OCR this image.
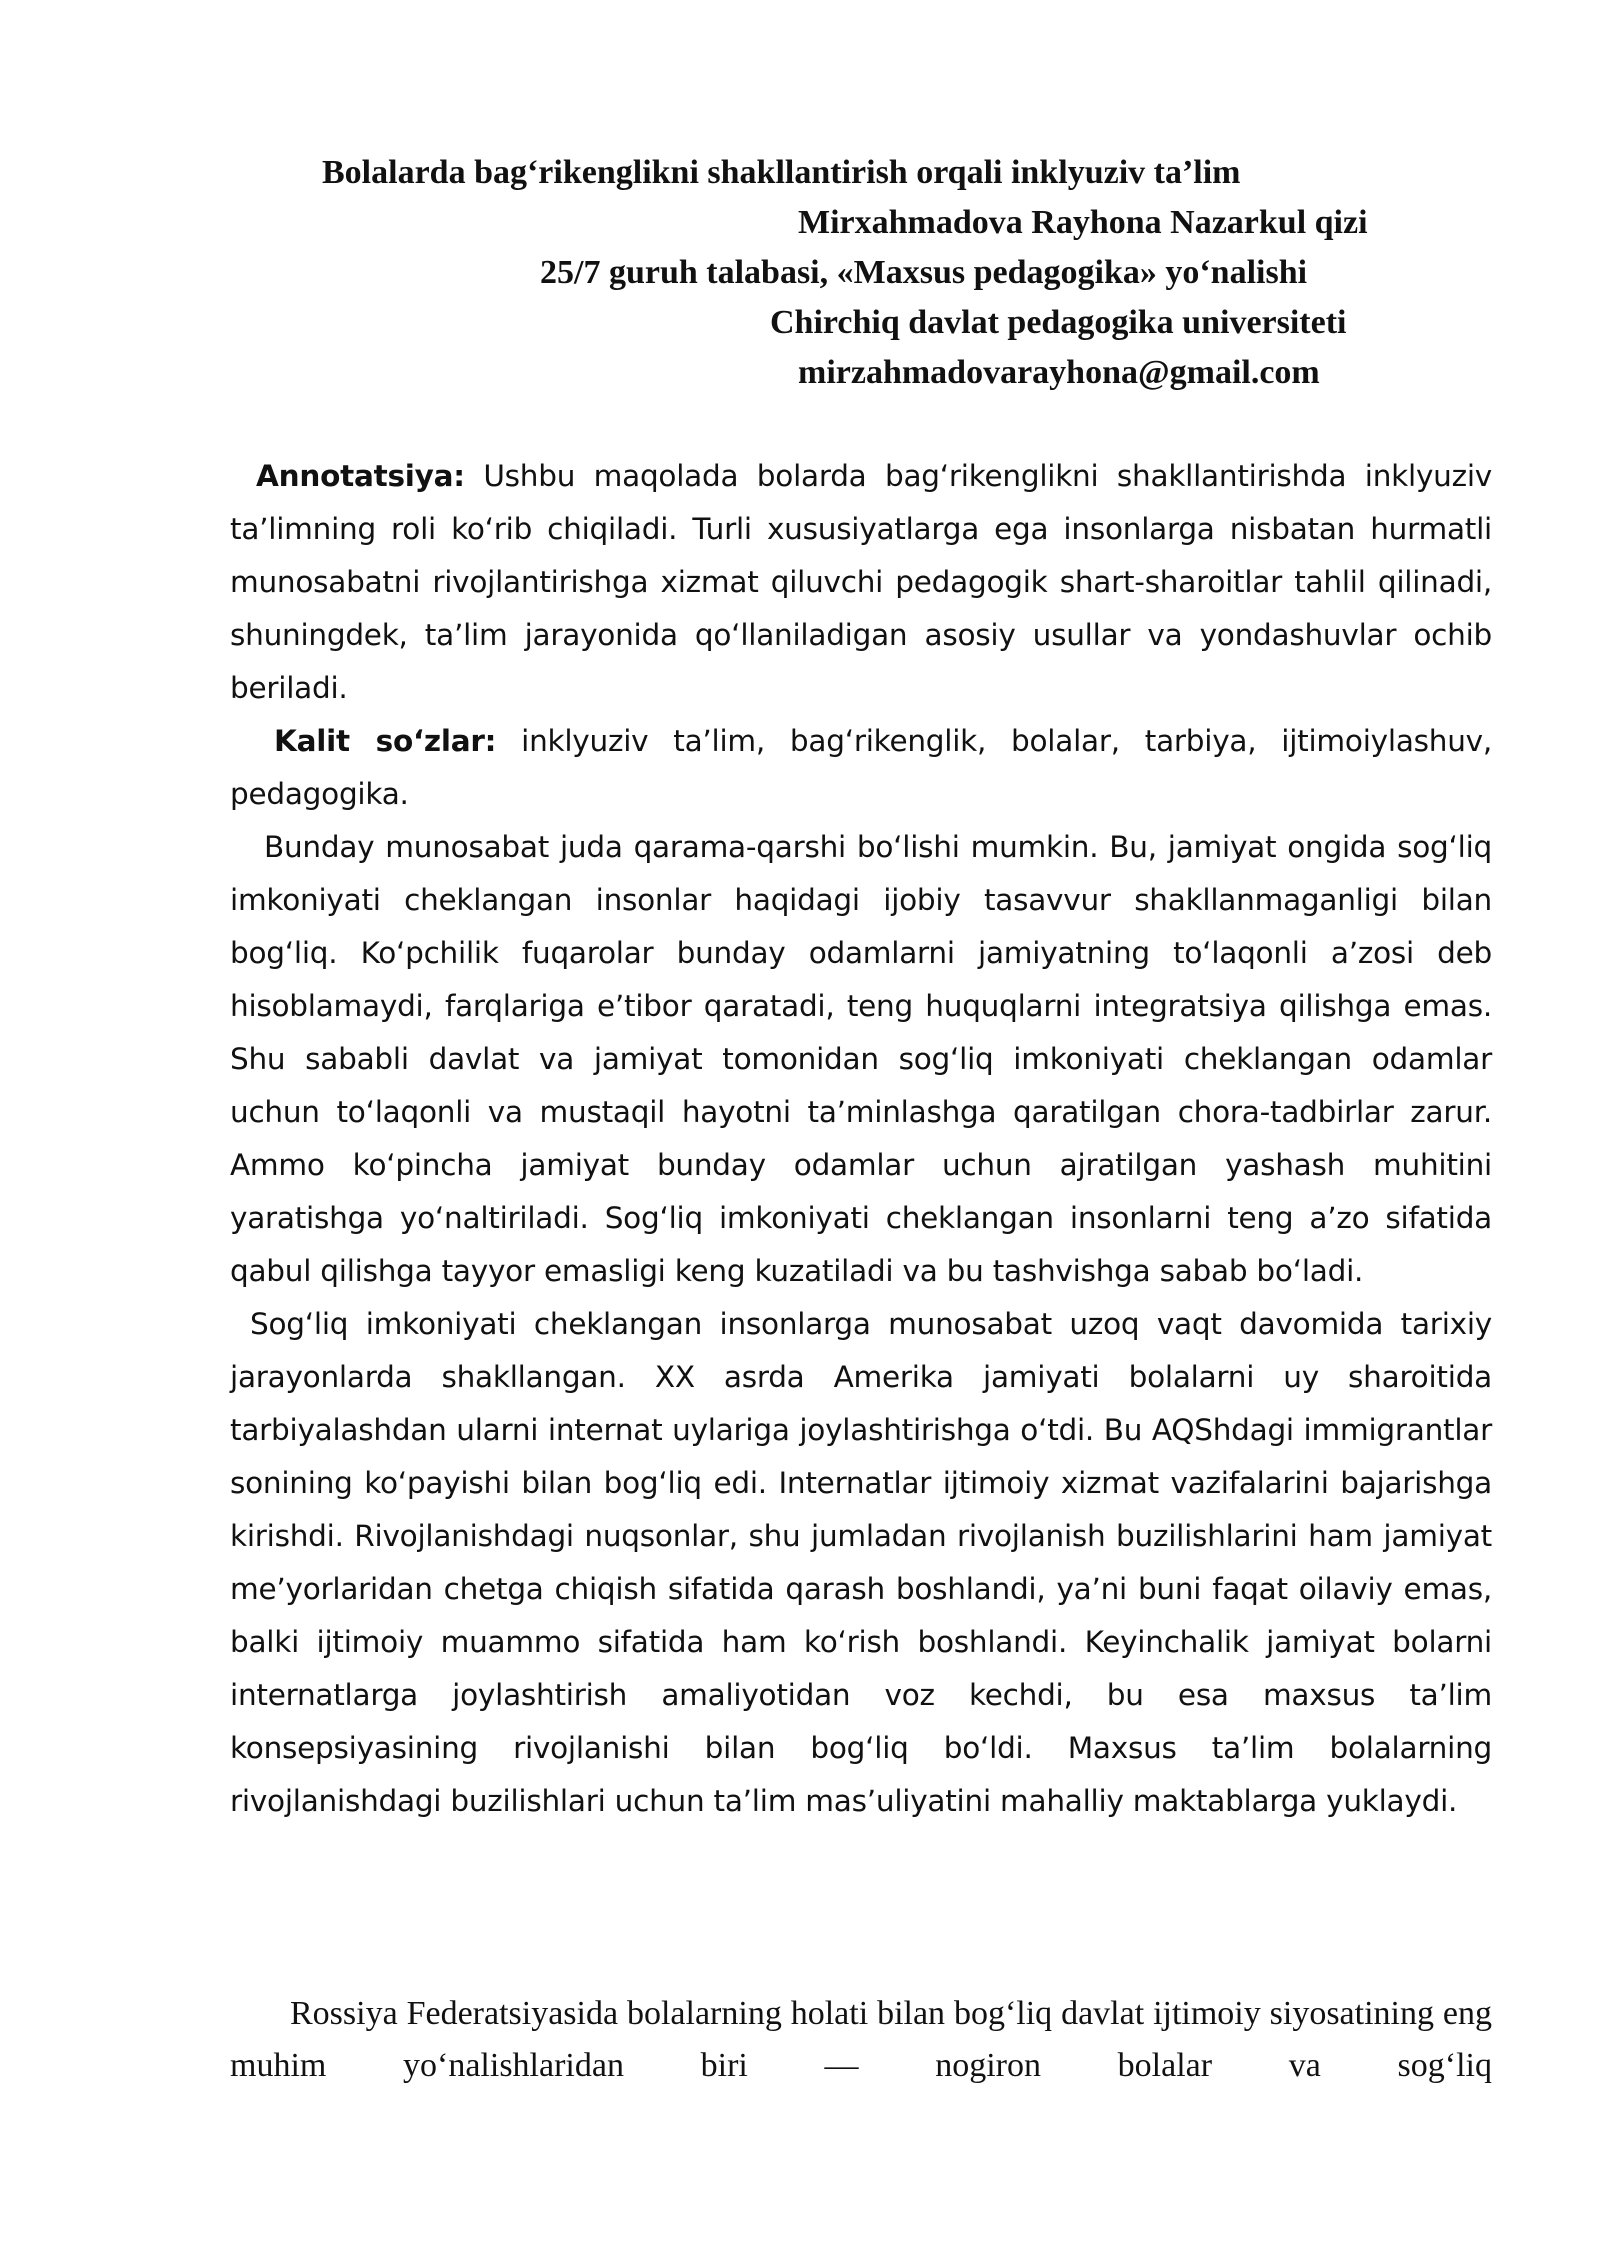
Bolalarda bag‘rikenglikni shakllantirish orqali inklyuziv ta’lim
Mirxahmadova Rayhona Nazarkul qizi
25/7 guruh talabasi, «Maxsus pedagogika» yo‘nalishi
Chirchiq davlat pedagogika universiteti
mirzahmadovarayhona@gmail.com

Annotatsiya: Ushbu maqolada bolarda bag‘rikenglikni shakllantirishda inklyuziv ta’limning roli ko‘rib chiqiladi. Turli xususiyatlarga ega insonlarga nisbatan hurmatli munosabatni rivojlantirishga xizmat qiluvchi pedagogik shart-sharoitlar tahlil qilinadi, shuningdek, ta’lim jarayonida qo‘llaniladigan asosiy usullar va yondashuvlar ochib beriladi.

Kalit so‘zlar: inklyuziv ta’lim, bag‘rikenglik, bolalar, tarbiya, ijtimoiylashuv, pedagogika.

Bunday munosabat juda qarama-qarshi bo‘lishi mumkin. Bu, jamiyat ongida sog‘liq imkoniyati cheklangan insonlar haqidagi ijobiy tasavvur shakllanmaganligi bilan bog‘liq. Ko‘pchilik fuqarolar bunday odamlarni jamiyatning to‘laqonli a’zosi deb hisoblamaydi, farqlariga e’tibor qaratadi, teng huquqlarni integratsiya qilishga emas. Shu sababli davlat va jamiyat tomonidan sog‘liq imkoniyati cheklangan odamlar uchun to‘laqonli va mustaqil hayotni ta’minlashga qaratilgan chora-tadbirlar zarur. Ammo ko‘pincha jamiyat bunday odamlar uchun ajratilgan yashash muhitini yaratishga yo‘naltiriladi. Sog‘liq imkoniyati cheklangan insonlarni teng a’zo sifatida qabul qilishga tayyor emasligi keng kuzatiladi va bu tashvishga sabab bo‘ladi.

Sog‘liq imkoniyati cheklangan insonlarga munosabat uzoq vaqt davomida tarixiy jarayonlarda shakllangan. XX asrda Amerika jamiyati bolalarni uy sharoitida tarbiyalashdan ularni internat uylariga joylashtirishga o‘tdi. Bu AQShdagi immigrantlar sonining ko‘payishi bilan bog‘liq edi. Internatlar ijtimoiy xizmat vazifalarini bajarishga kirishdi. Rivojlanishdagi nuqsonlar, shu jumladan rivojlanish buzilishlarini ham jamiyat me’yorlaridan chetga chiqish sifatida qarash boshlandi, ya’ni buni faqat oilaviy emas, balki ijtimoiy muammo sifatida ham ko‘rish boshlandi. Keyinchalik jamiyat bolarni internatlarga joylashtirish amaliyotidan voz kechdi, bu esa maxsus ta’lim konsepsiyasining rivojlanishi bilan bog‘liq bo‘ldi. Maxsus ta’lim bolalarning rivojlanishdagi buzilishlari uchun ta’lim mas’uliyatini mahalliy maktablarga yuklaydi.

Rossiya Federatsiyasida bolalarning holati bilan bog‘liq davlat ijtimoiy siyosatining eng muhim yo‘nalishlaridan biri — nogiron bolalar va sog‘liq
